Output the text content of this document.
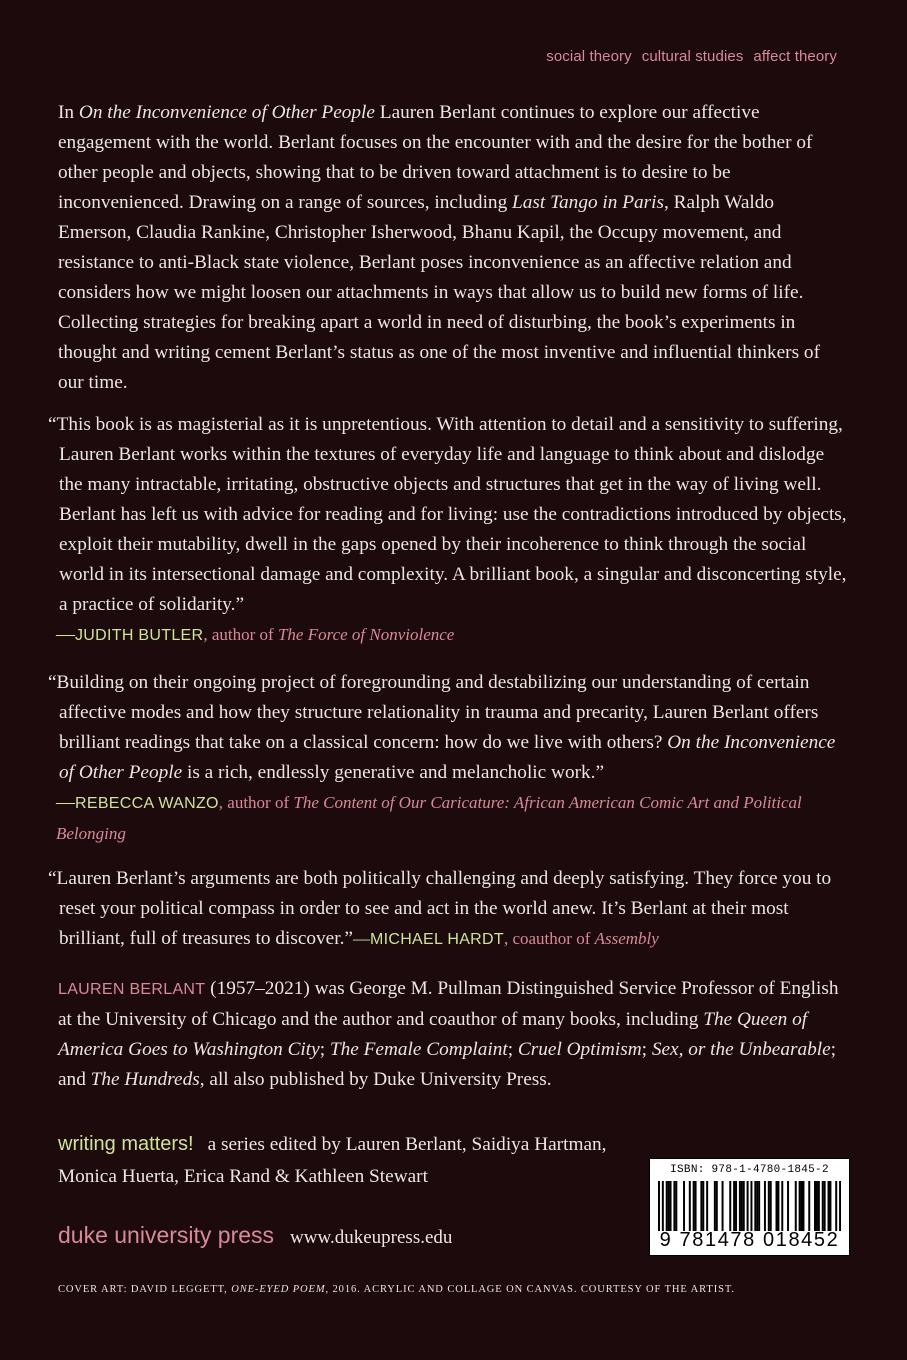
social theory cultural studies affect theory

In On the Inconvenience of Other People Lauren Berlant continues to explore our affective engagement with the world. Berlant focuses on the encounter with and the desire for the bother of other people and objects, showing that to be driven toward attachment is to desire to be inconvenienced. Drawing on a range of sources, including Last Tango in Paris, Ralph Waldo Emerson, Claudia Rankine, Christopher Isherwood, Bhanu Kapil, the Occupy movement, and resistance to anti-Black state violence, Berlant poses inconvenience as an affective relation and considers how we might loosen our attachments in ways that allow us to build new forms of life. Collecting strategies for breaking apart a world in need of disturbing, the book’s experiments in thought and writing cement Berlant’s status as one of the most inventive and influential thinkers of our time.

“This book is as magisterial as it is unpretentious. With attention to detail and a sensitivity to suffering, Lauren Berlant works within the textures of everyday life and language to think about and dislodge the many intractable, irritating, obstructive objects and structures that get in the way of living well. Berlant has left us with advice for reading and for living: use the contradictions introduced by objects, exploit their mutability, dwell in the gaps opened by their incoherence to think through the social world in its intersectional damage and complexity. A brilliant book, a singular and disconcerting style, a practice of solidarity.”

—JUDITH BUTLER, author of The Force of Nonviolence

“Building on their ongoing project of foregrounding and destabilizing our understanding of certain affective modes and how they structure relationality in trauma and precarity, Lauren Berlant offers brilliant readings that take on a classical concern: how do we live with others? On the Inconvenience of Other People is a rich, endlessly generative and melancholic work.”

—REBECCA WANZO, author of The Content of Our Caricature: African American Comic Art and Political Belonging

“Lauren Berlant’s arguments are both politically challenging and deeply satisfying. They force you to reset your political compass in order to see and act in the world anew. It’s Berlant at their most brilliant, full of treasures to discover.”—MICHAEL HARDT, coauthor of Assembly

LAUREN BERLANT (1957–2021) was George M. Pullman Distinguished Service Professor of English at the University of Chicago and the author and coauthor of many books, including The Queen of America Goes to Washington City; The Female Complaint; Cruel Optimism; Sex, or the Unbearable; and The Hundreds, all also published by Duke University Press.

writing matters! a series edited by Lauren Berlant, Saidiya Hartman, Monica Huerta, Erica Rand & Kathleen Stewart
duke university press www.dukeupress.edu
COVER ART: DAVID LEGGETT, ONE-EYED POEM, 2016. ACRYLIC AND COLLAGE ON CANVAS. COURTESY OF THE ARTIST.
ISBN: 978-1-4780-1845-2
9 781478 018452
